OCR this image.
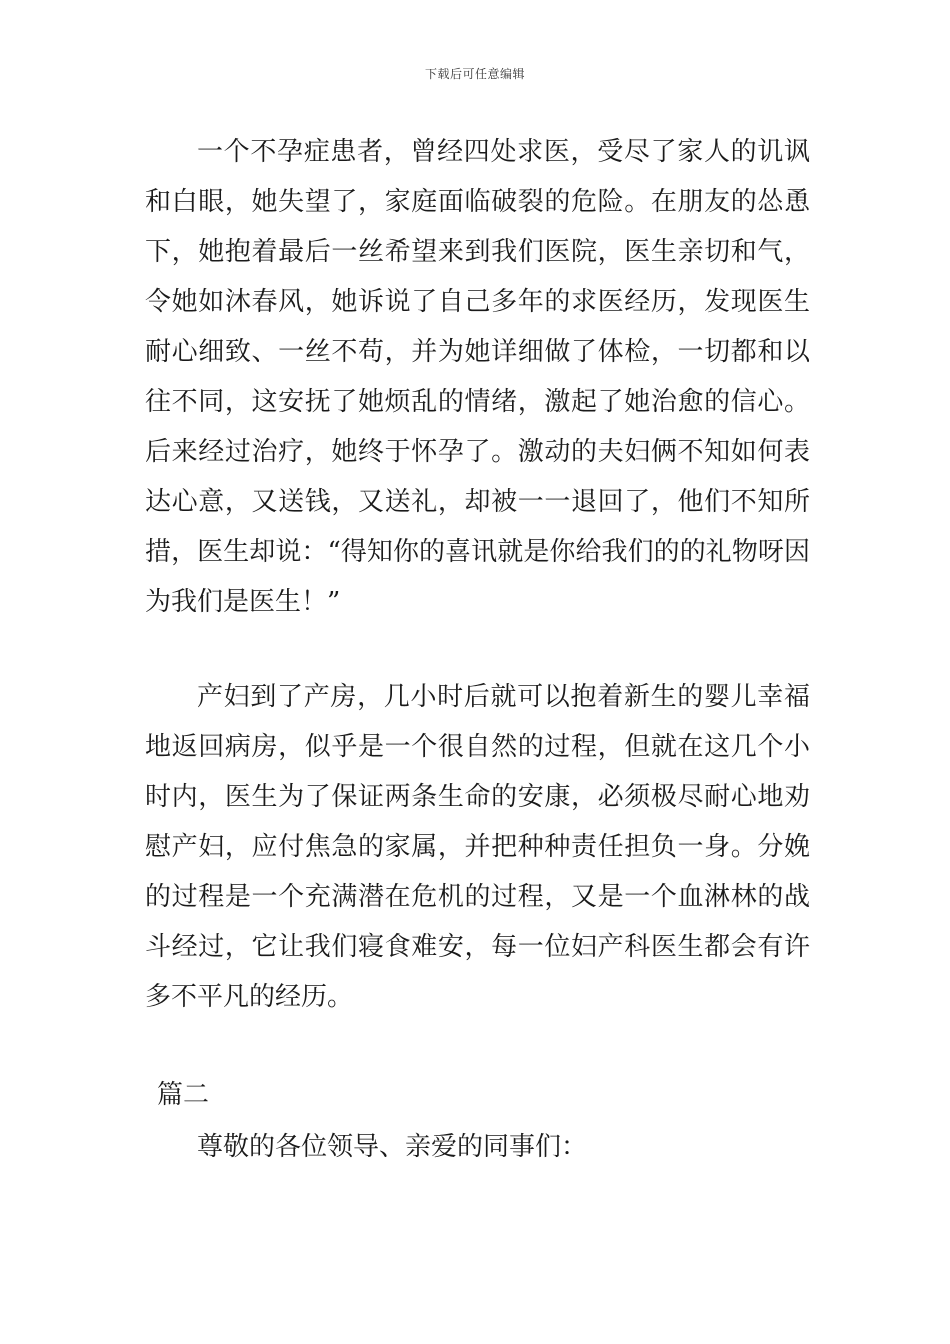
下载后可任意编辑

一个不孕症患者，曾经四处求医，受尽了家人的讥讽和白眼，她失望了，家庭面临破裂的危险。在朋友的怂恿下，她抱着最后一丝希望来到我们医院，医生亲切和气，令她如沐春风，她诉说了自己多年的求医经历，发现医生耐心细致、一丝不苟，并为她详细做了体检，一切都和以往不同，这安抚了她烦乱的情绪，激起了她治愈的信心。后来经过治疗，她终于怀孕了。激动的夫妇俩不知如何表达心意，又送钱，又送礼，却被一一退回了，他们不知所措，医生却说：“得知你的喜讯就是你给我们的的礼物呀因为我们是医生！”

产妇到了产房，几小时后就可以抱着新生的婴儿幸福地返回病房，似乎是一个很自然的过程，但就在这几个小时内，医生为了保证两条生命的安康，必须极尽耐心地劝慰产妇，应付焦急的家属，并把种种责任担负一身。分娩的过程是一个充满潜在危机的过程，又是一个血淋林的战斗经过，它让我们寝食难安，每一位妇产科医生都会有许多不平凡的经历。

篇二

尊敬的各位领导、亲爱的同事们：
